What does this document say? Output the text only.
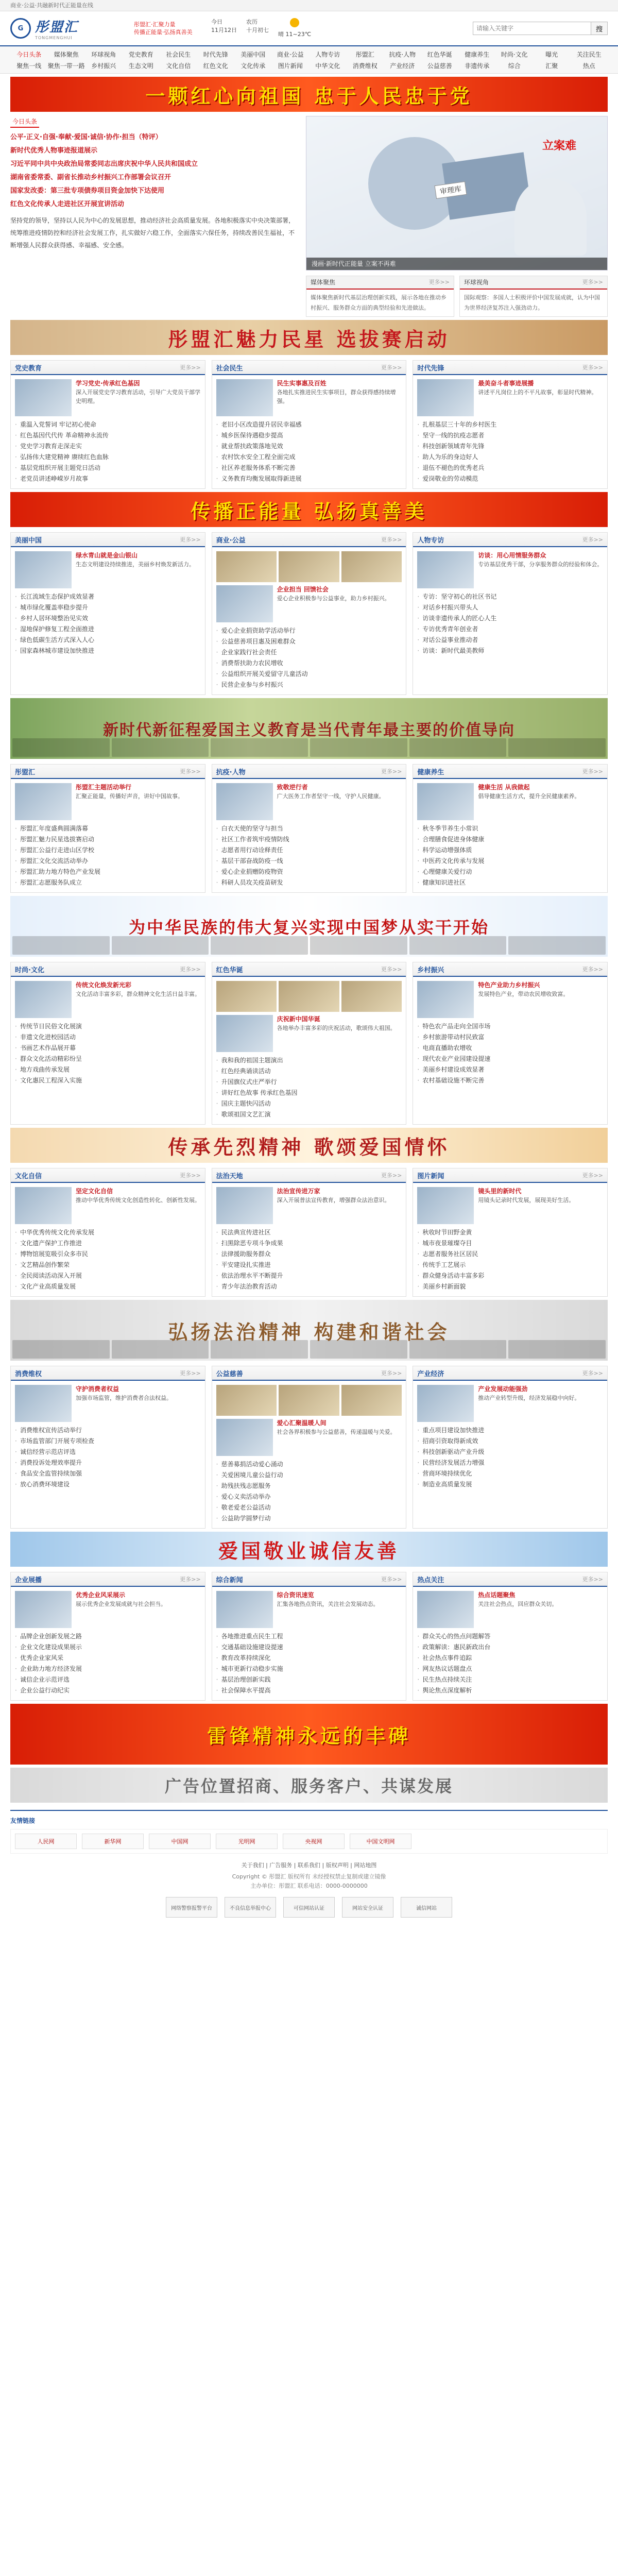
商业·公益·共融新时代正能量在线
G 彤盟汇
TONGMENGHUI
彤盟汇·汇聚力量
传播正能量·弘扬真善美
今日
11月12日
农历
十月初七
晴 11~23℃
请输入关键字
搜
今日头条	媒体聚焦	环球视角	党史教育	社会民生	时代先锋	美丽中国	商业·公益	人物专访	彤盟汇	抗疫·人物	红色华诞	健康养生	时尚·文化	曝光	关注民生
聚焦一线	聚焦一带一路	乡村振兴	生态文明	文化自信	红色文化	文化传承	图片新闻	中华文化	消费维权	产业经济	公益慈善	非遗传承	综合	汇聚	热点
一颗红心向祖国 忠于人民忠于党
今日头条
公平·正义·自强·奉献·爱国·诚信·协作·担当（特评）
新时代优秀人物事迹报道展示
习近平同中共中央政治局常委同志出席庆祝中华人民共和国成立
湖南省委常委、副省长推动乡村振兴工作部署会议召开
国家发改委：第三批专项债券项目资金加快下达使用
红色文化传承人走进社区开展宣讲活动
坚持党的领导，坚持以人民为中心的发展思想，推动经济社会高质量发展。各地积极落实中央决策部署，统筹推进疫情防控和经济社会发展工作，扎实做好六稳工作，全面落实六保任务，持续改善民生福祉，不断增强人民群众获得感、幸福感、安全感。
审理库
立案难
漫画·新时代正能量 立案不再难
媒体聚焦	更多>>
媒体聚焦新时代基层治理创新实践，展示各地在推动乡村振兴、服务群众方面的典型经验和先进做法。
环球视角	更多>>
国际观察：多国人士积极评价中国发展成就，认为中国为世界经济复苏注入强劲动力。
彤盟汇魅力民星 选拔赛启动
党史教育	更多>>
学习党史·传承红色基因
深入开展党史学习教育活动，引导广大党员干部学史明理。
· 重温入党誓词 牢记初心使命
· 红色基因代代传 革命精神永流传
· 党史学习教育走深走实
· 弘扬伟大建党精神 赓续红色血脉
· 基层党组织开展主题党日活动
· 老党员讲述峥嵘岁月故事
社会民生	更多>>
民生实事惠及百姓
各地扎实推进民生实事项目，群众获得感持续增强。
· 老旧小区改造提升居民幸福感
· 城乡医保待遇稳步提高
· 就业帮扶政策落地见效
· 农村饮水安全工程全面完成
· 社区养老服务体系不断完善
· 义务教育均衡发展取得新进展
时代先锋	更多>>
最美奋斗者事迹展播
讲述平凡岗位上的不平凡故事，彰显时代精神。
· 扎根基层三十年的乡村医生
· 坚守一线的抗疫志愿者
· 科技创新领域青年先锋
· 助人为乐的身边好人
· 退伍不褪色的优秀老兵
· 爱岗敬业的劳动模范
传播正能量 弘扬真善美
美丽中国	更多>>
绿水青山就是金山银山
生态文明建设持续推进，美丽乡村焕发新活力。
· 长江流域生态保护成效显著
· 城市绿化覆盖率稳步提升
· 乡村人居环境整治见实效
· 湿地保护修复工程全面推进
· 绿色低碳生活方式深入人心
· 国家森林城市建设加快推进
商业·公益	更多>>
企业担当 回馈社会
爱心企业积极参与公益事业，助力乡村振兴。
· 爱心企业捐资助学活动举行
· 公益慈善项目惠及困难群众
· 企业家践行社会责任
· 消费帮扶助力农民增收
· 公益组织开展关爱留守儿童活动
· 民营企业参与乡村振兴
人物专访	更多>>
访谈：用心用情服务群众
专访基层优秀干部，分享服务群众的经验和体会。
· 专访：坚守初心的社区书记
· 对话乡村振兴带头人
· 访谈非遗传承人的匠心人生
· 专访优秀青年创业者
· 对话公益事业推动者
· 访谈：新时代最美教师
新时代新征程爱国主义教育是当代青年最主要的价值导向
彤盟汇	更多>>
彤盟汇主题活动举行
汇聚正能量，传播好声音，讲好中国故事。
· 彤盟汇年度盛典圆满落幕
· 彤盟汇魅力民星选拔赛启动
· 彤盟汇公益行走进山区学校
· 彤盟汇文化交流活动举办
· 彤盟汇助力地方特色产业发展
· 彤盟汇志愿服务队成立
抗疫·人物	更多>>
致敬逆行者
广大医务工作者坚守一线，守护人民健康。
· 白衣天使的坚守与担当
· 社区工作者筑牢疫情防线
· 志愿者用行动诠释责任
· 基层干部奋战防疫一线
· 爱心企业捐赠防疫物资
· 科研人员攻关疫苗研发
健康养生	更多>>
健康生活 从我做起
倡导健康生活方式，提升全民健康素养。
· 秋冬季节养生小常识
· 合理膳食促进身体健康
· 科学运动增强体质
· 中医药文化传承与发展
· 心理健康关爱行动
· 健康知识进社区
为中华民族的伟大复兴实现中国梦从实干开始
时尚·文化	更多>>
传统文化焕发新光彩
文化活动丰富多彩，群众精神文化生活日益丰富。
· 传统节日民俗文化展演
· 非遗文化进校园活动
· 书画艺术作品展开幕
· 群众文化活动精彩纷呈
· 地方戏曲传承发展
· 文化惠民工程深入实施
红色华诞	更多>>
庆祝新中国华诞
各地举办丰富多彩的庆祝活动，歌颂伟大祖国。
· 我和我的祖国主题演出
· 红色经典诵读活动
· 升国旗仪式庄严举行
· 讲好红色故事 传承红色基因
· 国庆主题快闪活动
· 歌颂祖国文艺汇演
乡村振兴	更多>>
特色产业助力乡村振兴
发展特色产业，带动农民增收致富。
· 特色农产品走向全国市场
· 乡村旅游带动村民致富
· 电商直播助农增收
· 现代农业产业园建设提速
· 美丽乡村建设成效显著
· 农村基础设施不断完善
传承先烈精神 歌颂爱国情怀
文化自信	更多>>
坚定文化自信
推动中华优秀传统文化创造性转化、创新性发展。
· 中华优秀传统文化传承发展
· 文化遗产保护工作推进
· 博物馆展览吸引众多市民
· 文艺精品创作繁荣
· 全民阅读活动深入开展
· 文化产业高质量发展
法治天地	更多>>
法治宣传进万家
深入开展普法宣传教育，增强群众法治意识。
· 民法典宣传进社区
· 扫黑除恶专项斗争成果
· 法律援助服务群众
· 平安建设扎实推进
· 依法治理水平不断提升
· 青少年法治教育活动
图片新闻	更多>>
镜头里的新时代
用镜头记录时代发展，展现美好生活。
· 秋收时节田野金黄
· 城市夜景璀璨夺目
· 志愿者服务社区居民
· 传统手工艺展示
· 群众健身活动丰富多彩
· 美丽乡村新面貌
弘扬法治精神 构建和谐社会
消费维权	更多>>
守护消费者权益
加强市场监管，维护消费者合法权益。
· 消费维权宣传活动举行
· 市场监管部门开展专项检查
· 诚信经营示范店评选
· 消费投诉处理效率提升
· 食品安全监管持续加强
· 放心消费环境建设
公益慈善	更多>>
爱心汇聚温暖人间
社会各界积极参与公益慈善，传递温暖与关爱。
· 慈善募捐活动爱心涌动
· 关爱困境儿童公益行动
· 助残扶残志愿服务
· 爱心义卖活动举办
· 敬老爱老公益活动
· 公益助学圆梦行动
产业经济	更多>>
产业发展动能强劲
推动产业转型升级，经济发展稳中向好。
· 重点项目建设加快推进
· 招商引资取得新成效
· 科技创新驱动产业升级
· 民营经济发展活力增强
· 营商环境持续优化
· 制造业高质量发展
爱国敬业诚信友善
企业展播	更多>>
优秀企业风采展示
展示优秀企业发展成就与社会担当。
· 品牌企业创新发展之路
· 企业文化建设成果展示
· 优秀企业家风采
· 企业助力地方经济发展
· 诚信企业示范评选
· 企业公益行动纪实
综合新闻	更多>>
综合资讯速览
汇集各地热点资讯，关注社会发展动态。
· 各地推进重点民生工程
· 交通基础设施建设提速
· 教育改革持续深化
· 城市更新行动稳步实施
· 基层治理创新实践
· 社会保障水平提高
热点关注	更多>>
热点话题聚焦
关注社会热点，回应群众关切。
· 群众关心的热点问题解答
· 政策解读：惠民新政出台
· 社会热点事件追踪
· 网友热议话题盘点
· 民生热点持续关注
· 舆论焦点深度解析
雷锋精神永远的丰碑
广告位置招商、服务客户、共谋发展
友情链接
人民网	新华网	中国网	光明网	央视网	中国文明网
关于我们 | 广告服务 | 联系我们 | 版权声明 | 网站地图
Copyright © 彤盟汇 版权所有 未经授权禁止复制或建立镜像
主办单位：彤盟汇 联系电话：0000-0000000
网络警察报警平台	不良信息举报中心	可信网站认证	网站安全认证	诚信网站
